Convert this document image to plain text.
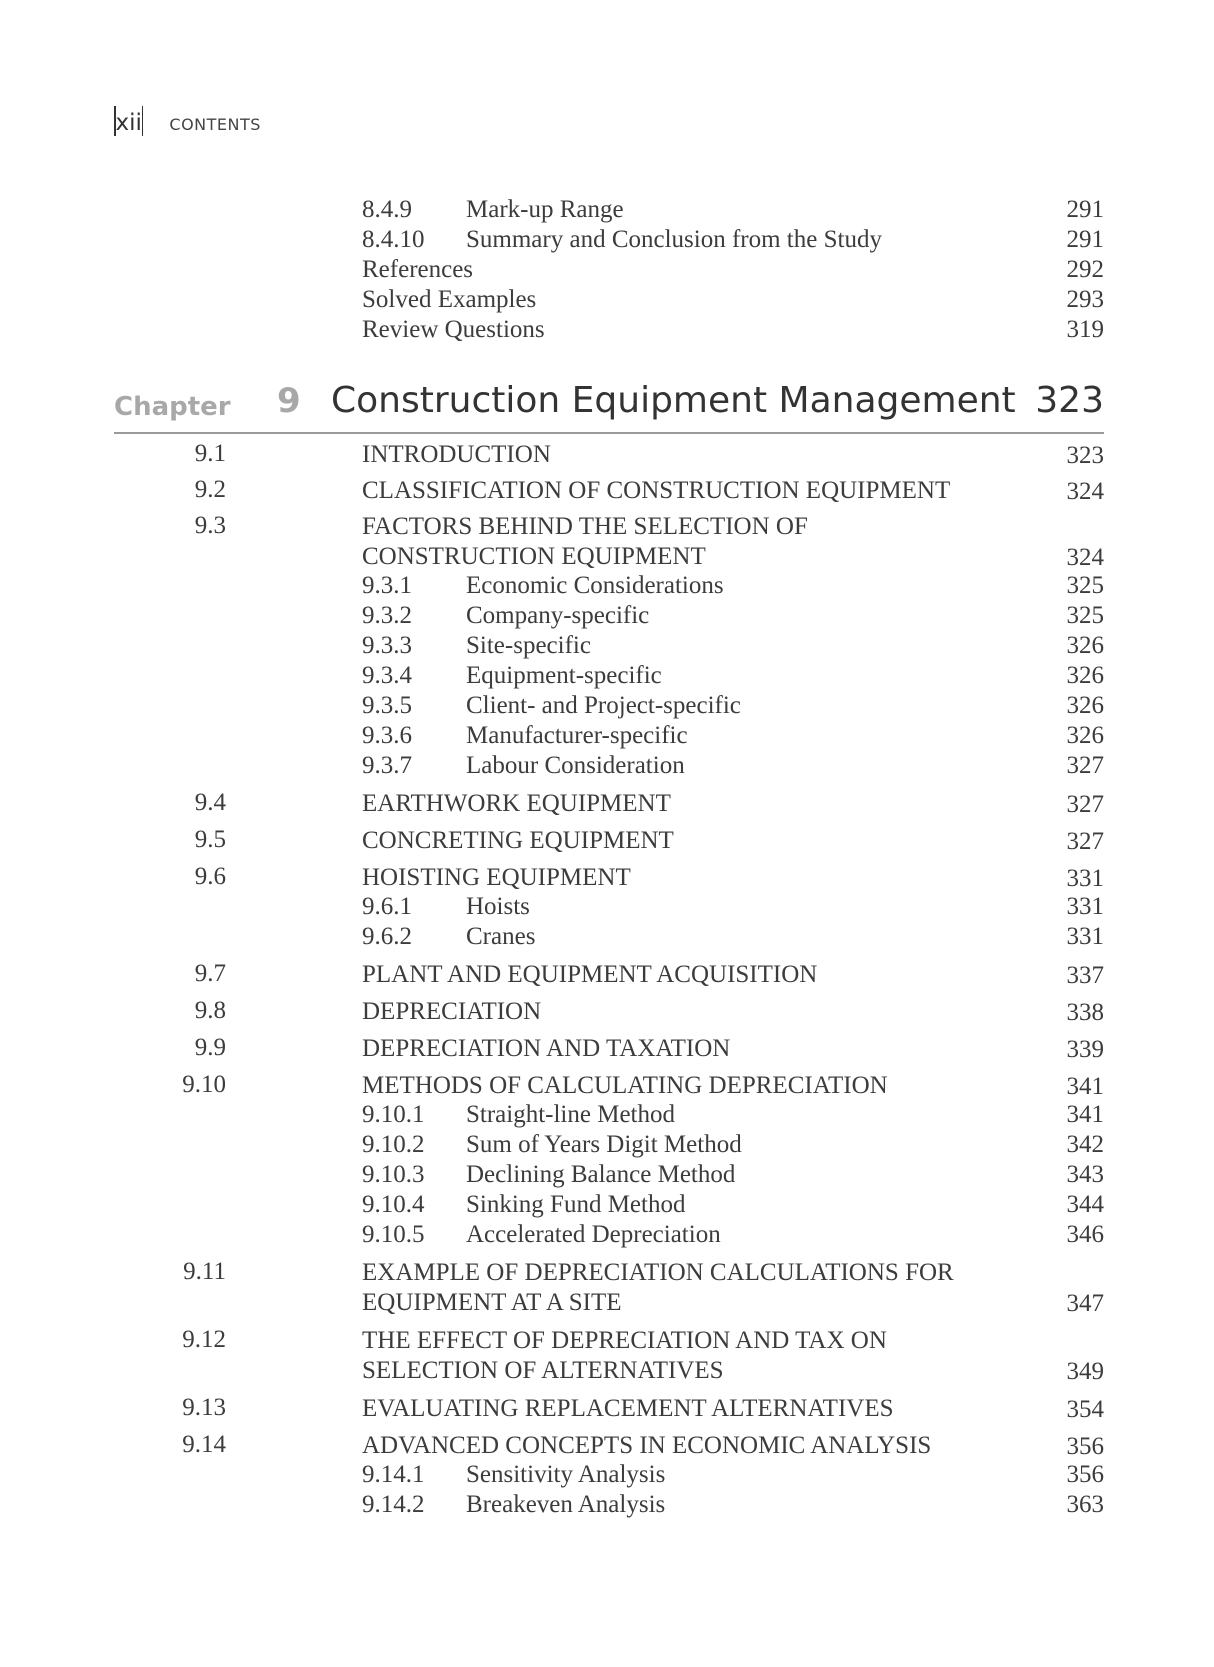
xii CONTENTS
8.4.9 Mark-up Range	291
8.4.10 Summary and Conclusion from the Study	291
References	292
Solved Examples	293
Review Questions	319
Chapter 9 Construction Equipment Management 323
9.1	INTRODUCTION	323
9.2	CLASSIFICATION OF CONSTRUCTION EQUIPMENT	324
9.3	FACTORS BEHIND THE SELECTION OF
CONSTRUCTION EQUIPMENT	324
9.3.1 Economic Considerations	325
9.3.2 Company-specific	325
9.3.3 Site-specific	326
9.3.4 Equipment-specific	326
9.3.5 Client- and Project-specific	326
9.3.6 Manufacturer-specific	326
9.3.7 Labour Consideration	327
9.4	EARTHWORK EQUIPMENT	327
9.5	CONCRETING EQUIPMENT	327
9.6	HOISTING EQUIPMENT	331
9.6.1 Hoists	331
9.6.2 Cranes	331
9.7	PLANT AND EQUIPMENT ACQUISITION	337
9.8	DEPRECIATION	338
9.9	DEPRECIATION AND TAXATION	339
9.10	METHODS OF CALCULATING DEPRECIATION	341
9.10.1 Straight-line Method	341
9.10.2 Sum of Years Digit Method	342
9.10.3 Declining Balance Method	343
9.10.4 Sinking Fund Method	344
9.10.5 Accelerated Depreciation	346
9.11	EXAMPLE OF DEPRECIATION CALCULATIONS FOR
EQUIPMENT AT A SITE	347
9.12	THE EFFECT OF DEPRECIATION AND TAX ON
SELECTION OF ALTERNATIVES	349
9.13	EVALUATING REPLACEMENT ALTERNATIVES	354
9.14	ADVANCED CONCEPTS IN ECONOMIC ANALYSIS	356
9.14.1 Sensitivity Analysis	356
9.14.2 Breakeven Analysis	363
